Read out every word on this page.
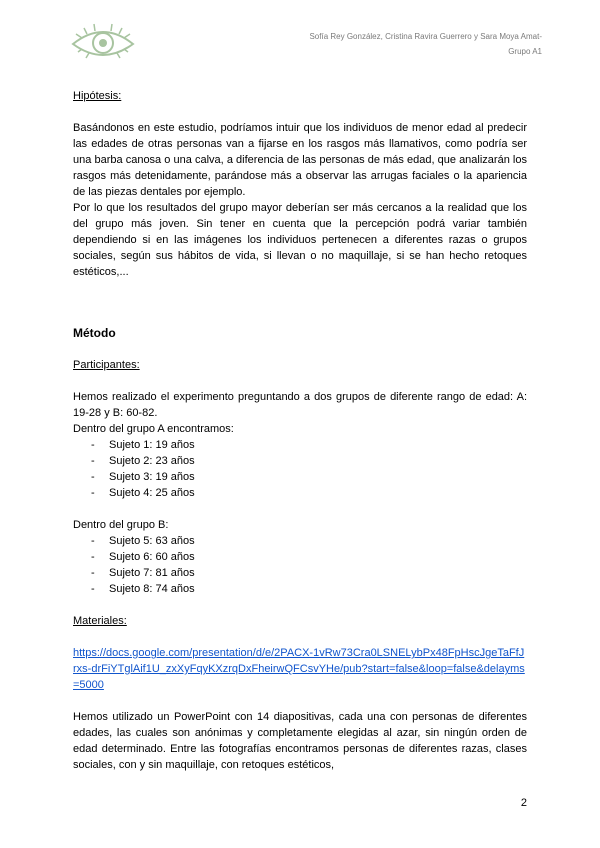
Sofía Rey González, Cristina Ravira Guerrero y Sara Moya Amat-
Grupo A1

Hipótesis:

Basándonos en este estudio, podríamos intuir que los individuos de menor edad al predecir las edades de otras personas van a fijarse en los rasgos más llamativos, como podría ser una barba canosa o una calva, a diferencia de las personas de más edad, que analizarán los rasgos más detenidamente, parándose más a observar las arrugas faciales o la apariencia de las piezas dentales por ejemplo.

Por lo que los resultados del grupo mayor deberían ser más cercanos a la realidad que los del grupo más joven. Sin tener en cuenta que la percepción podrá variar también dependiendo si en las imágenes los individuos pertenecen a diferentes razas o grupos sociales, según sus hábitos de vida, si llevan o no maquillaje, si se han hecho retoques estéticos,...

Método

Participantes:

Hemos realizado el experimento preguntando a dos grupos de diferente rango de edad: A: 19-28 y B: 60-82.

Dentro del grupo A encontramos:

- Sujeto 1: 19 años
- Sujeto 2: 23 años
- Sujeto 3: 19 años
- Sujeto 4: 25 años

Dentro del grupo B:

- Sujeto 5: 63 años
- Sujeto 6: 60 años
- Sujeto 7: 81 años
- Sujeto 8: 74 años

Materiales:

https://docs.google.com/presentation/d/e/2PACX-1vRw73Cra0LSNELybPx48FpHscJgeTaFfJrxs-drFiYTglAif1U_zxXyFqyKXzrqDxFheirwQFCsvYHe/pub?start=false&loop=false&delayms=5000

Hemos utilizado un PowerPoint con 14 diapositivas, cada una con personas de diferentes edades, las cuales son anónimas y completamente elegidas al azar, sin ningún orden de edad determinado. Entre las fotografías encontramos personas de diferentes razas, clases sociales, con y sin maquillaje, con retoques estéticos,

2
